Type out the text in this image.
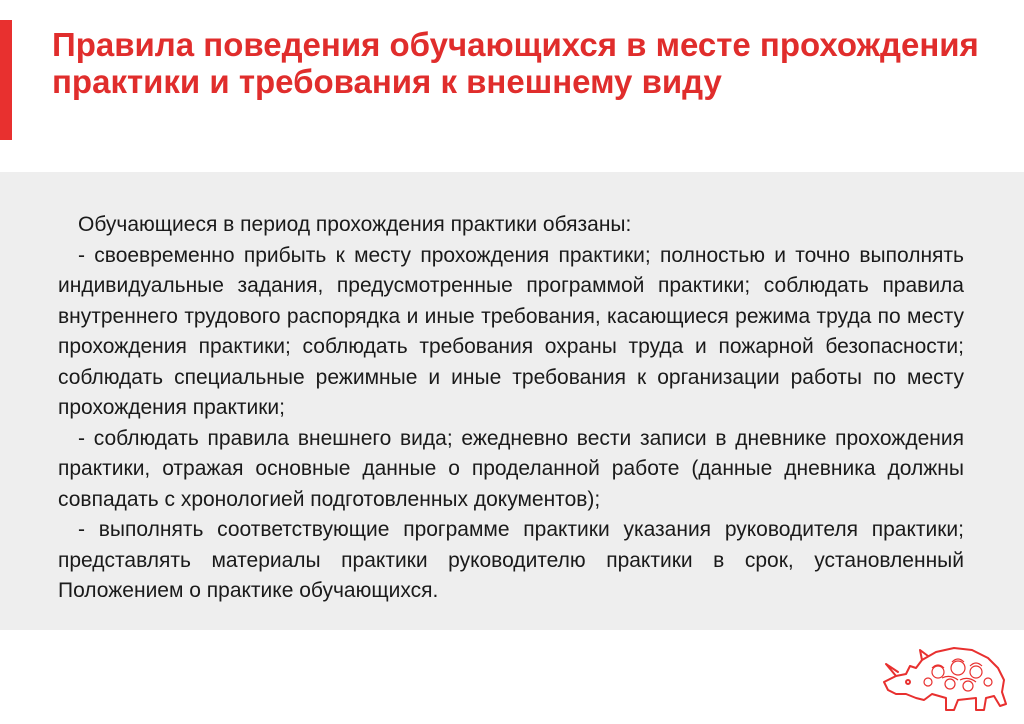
Правила поведения обучающихся в месте прохождения практики и требования к внешнему виду

Обучающиеся в период прохождения практики обязаны:

- своевременно прибыть к месту прохождения практики; полностью и точно выполнять индивидуальные задания, предусмотренные программой практики; соблюдать правила внутреннего трудового распорядка и иные требования, касающиеся режима труда по месту прохождения практики; соблюдать требования охраны труда и пожарной безопасности; соблюдать специальные режимные и иные требования к организации работы по месту прохождения практики;

- соблюдать правила внешнего вида; ежедневно вести записи в дневнике прохождения практики, отражая основные данные о проделанной работе (данные дневника должны совпадать с хронологией подготовленных документов);

- выполнять соответствующие программе практики указания руководителя практики; представлять материалы практики руководителю практики в срок, установленный Положением о практике обучающихся.
